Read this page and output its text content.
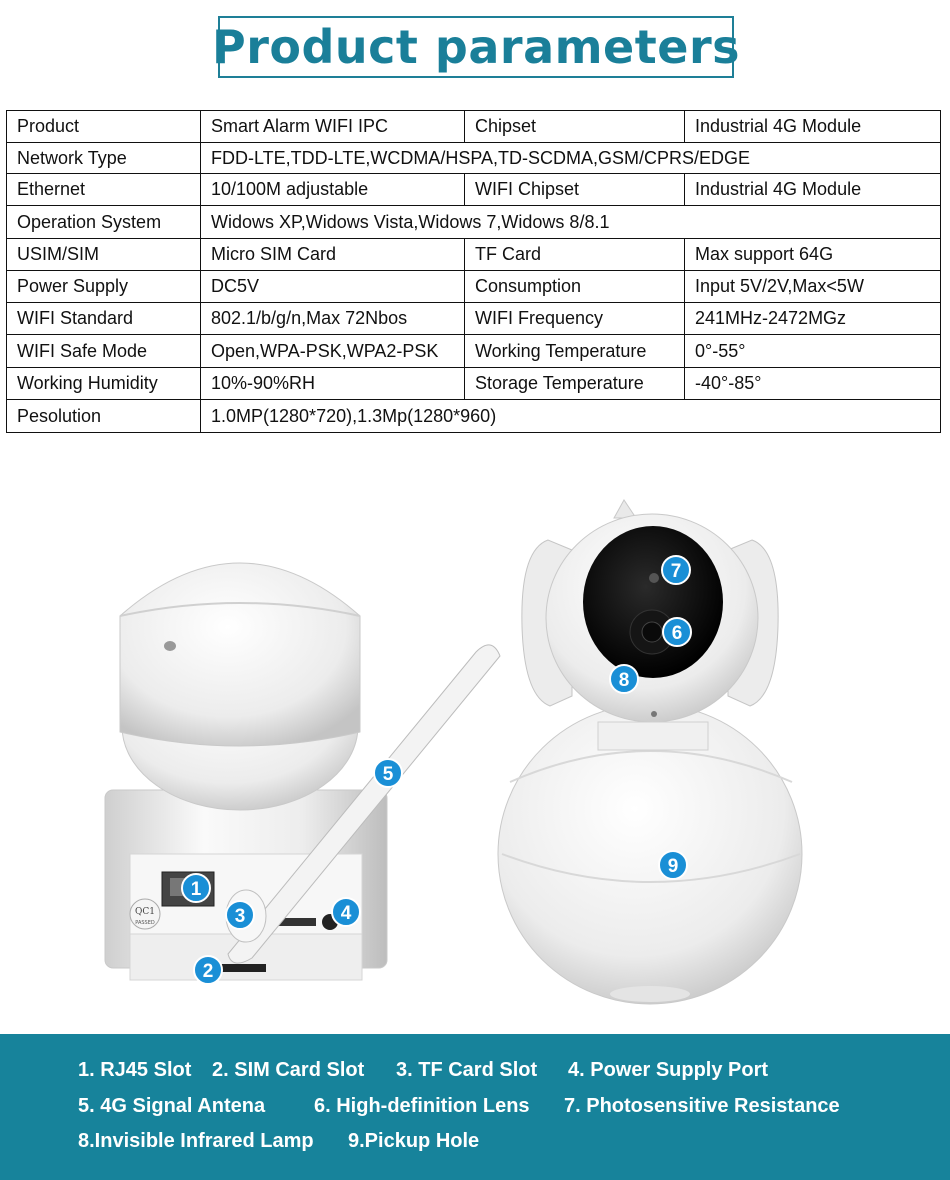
Product parameters
Product	Smart Alarm WIFI IPC	Chipset	Industrial 4G Module
Network Type	FDD-LTE,TDD-LTE,WCDMA/HSPA,TD-SCDMA,GSM/CPRS/EDGE		
Ethernet	10/100M adjustable	WIFI Chipset	Industrial 4G Module
Operation System	Widows XP,Widows Vista,Widows 7,Widows 8/8.1		
USIM/SIM	Micro SIM Card	TF Card	Max support 64G
Power Supply	DC5V	Consumption	Input 5V/2V,Max<5W
WIFI Standard	802.1/b/g/n,Max 72Nbos	WIFI Frequency	241MHz-2472MGz
WIFI Safe Mode	Open,WPA-PSK,WPA2-PSK	Working Temperature	0°-55°
Working Humidity	10%-90%RH	Storage Temperature	-40°-85°
Pesolution	1.0MP(1280*720),1.3Mp(1280*960)		
QC1
PASSED
1
2
3	4
5
6
7
8
9
1. RJ45 Slot 2. SIM Card Slot 3. TF Card Slot 4. Power Supply Port
5. 4G Signal Antena 6. High-definition Lens 7. Photosensitive Resistance
8.Invisible Infrared Lamp 9.Pickup Hole
